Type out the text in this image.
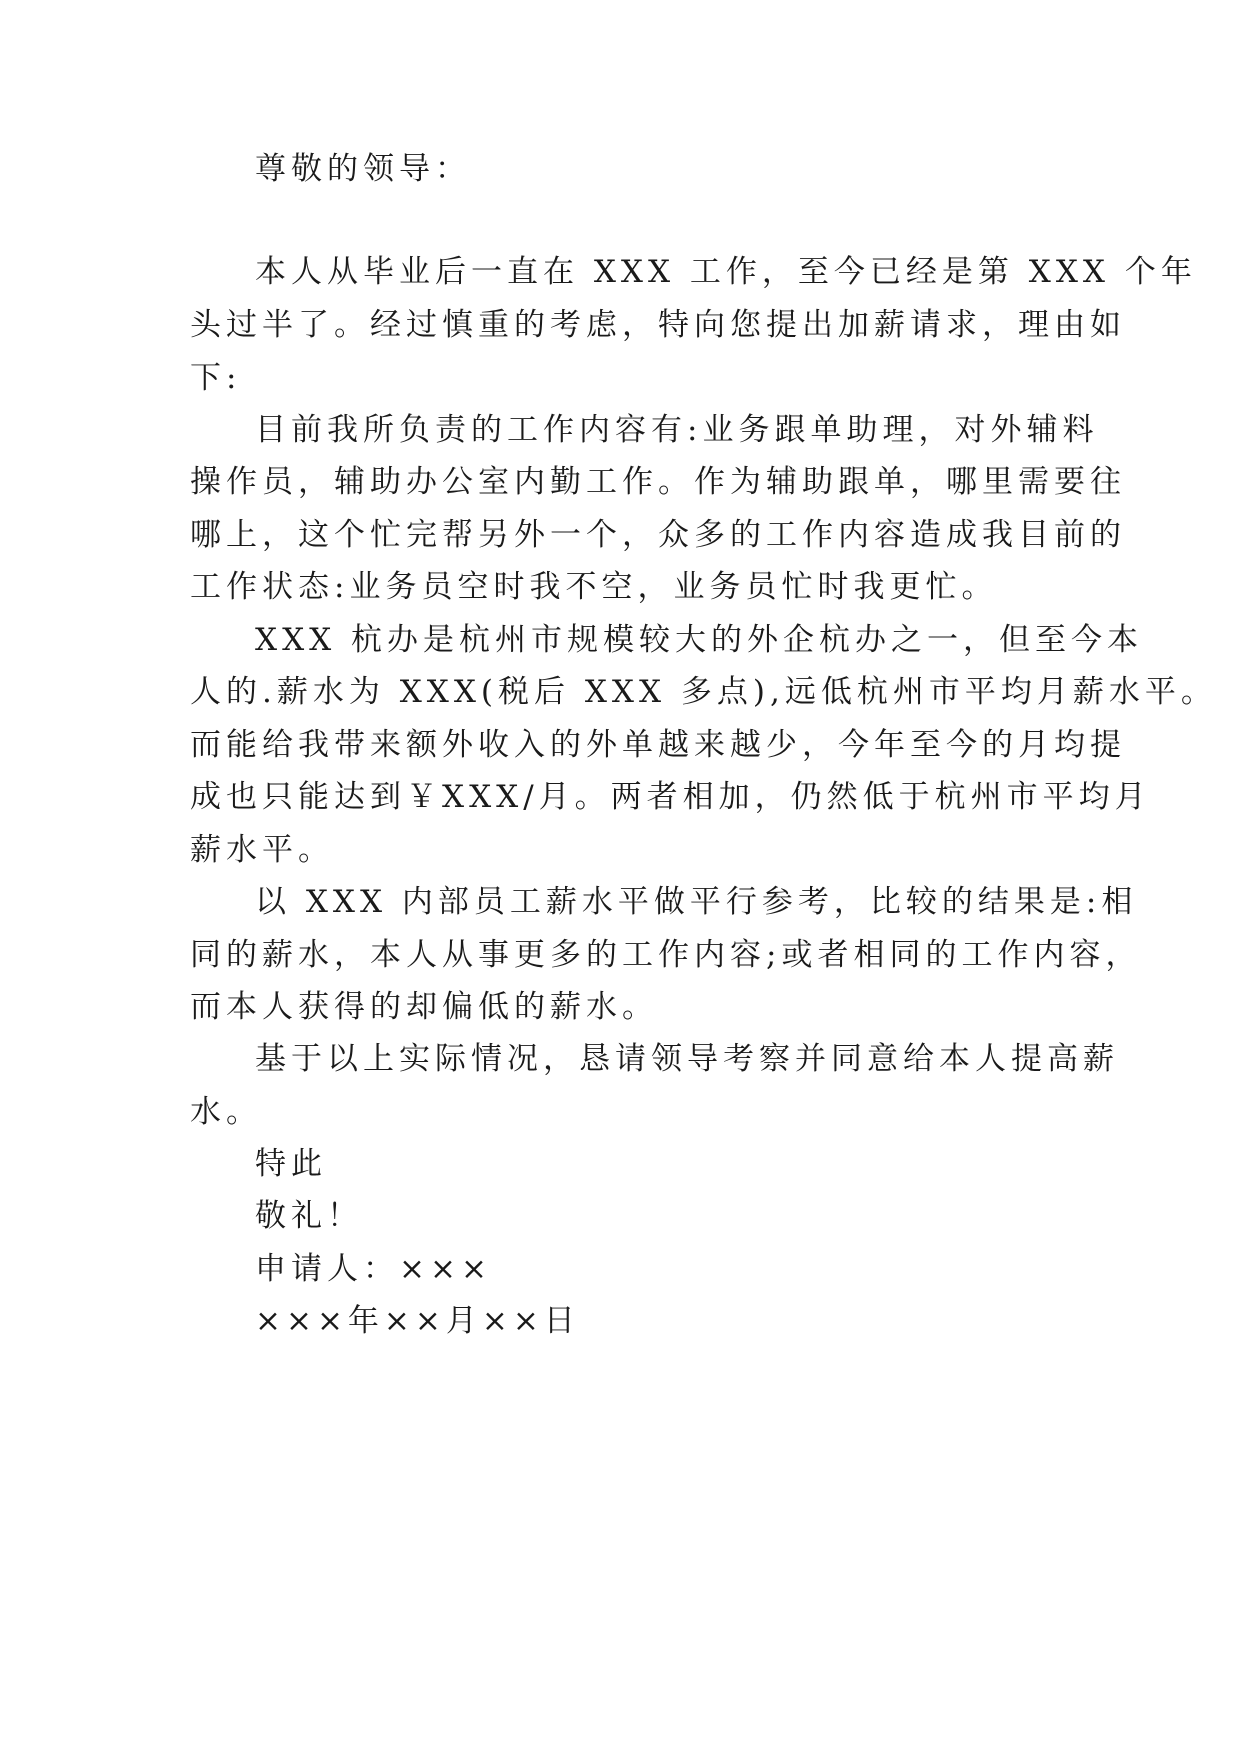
尊敬的领导：
本人从毕业后一直在 XXX 工作，至今已经是第 XXX 个年
头过半了。经过慎重的考虑，特向您提出加薪请求，理由如
下:
目前我所负责的工作内容有:业务跟单助理，对外辅料
操作员，辅助办公室内勤工作。作为辅助跟单，哪里需要往
哪上，这个忙完帮另外一个，众多的工作内容造成我目前的
工作状态:业务员空时我不空，业务员忙时我更忙。
XXX 杭办是杭州市规模较大的外企杭办之一，但至今本
人的.薪水为 XXX(税后 XXX 多点),远低杭州市平均月薪水平。
而能给我带来额外收入的外单越来越少，今年至今的月均提
成也只能达到￥XXX/月。两者相加，仍然低于杭州市平均月
薪水平。
以 XXX 内部员工薪水平做平行参考，比较的结果是:相
同的薪水，本人从事更多的工作内容;或者相同的工作内容，
而本人获得的却偏低的薪水。
基于以上实际情况，恳请领导考察并同意给本人提高薪
水。
特此
敬礼！
申请人：×××
×××年××月××日
